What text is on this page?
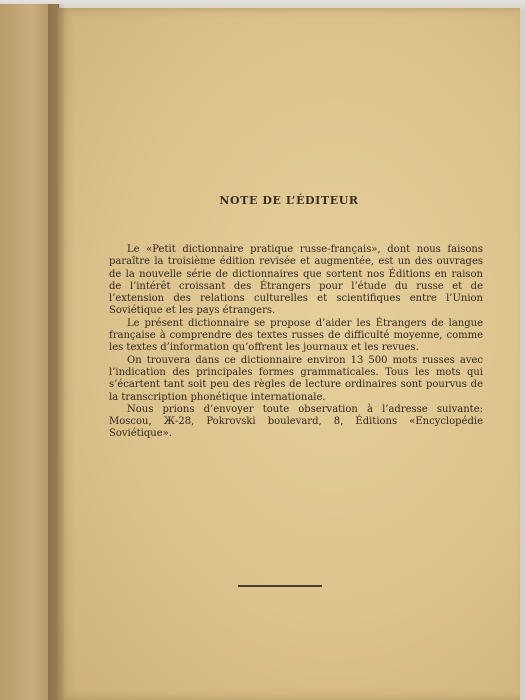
NOTE DE L’ÉDITEUR

Le «Petit dictionnaire pratique russe-français», dont nous faisons paraître la troisième édition revisée et augmentée, est un des ouvrages de la nouvelle série de dictionnaires que sortent nos Éditions en raison de l’intérêt croissant des Étrangers pour l’étude du russe et de l’extension des relations culturelles et scientifiques entre l’Union Soviétique et les pays étrangers.

Le présent dictionnaire se propose d’aider les Étrangers de langue française à comprendre des textes russes de difficulté moyenne, comme les textes d’information qu’offrent les journaux et les revues.

On trouvera dans ce dictionnaire environ 13 500 mots russes avec l’indication des principales formes grammaticales. Tous les mots qui s’écartent tant soit peu des règles de lecture ordinaires sont pourvus de la transcription phonétique internationale.

Nous prions d’envoyer toute observation à l’adresse suivante: Moscou, Ж-28, Pokrovski boulevard, 8, Éditions «Encyclopédie Soviétique».
